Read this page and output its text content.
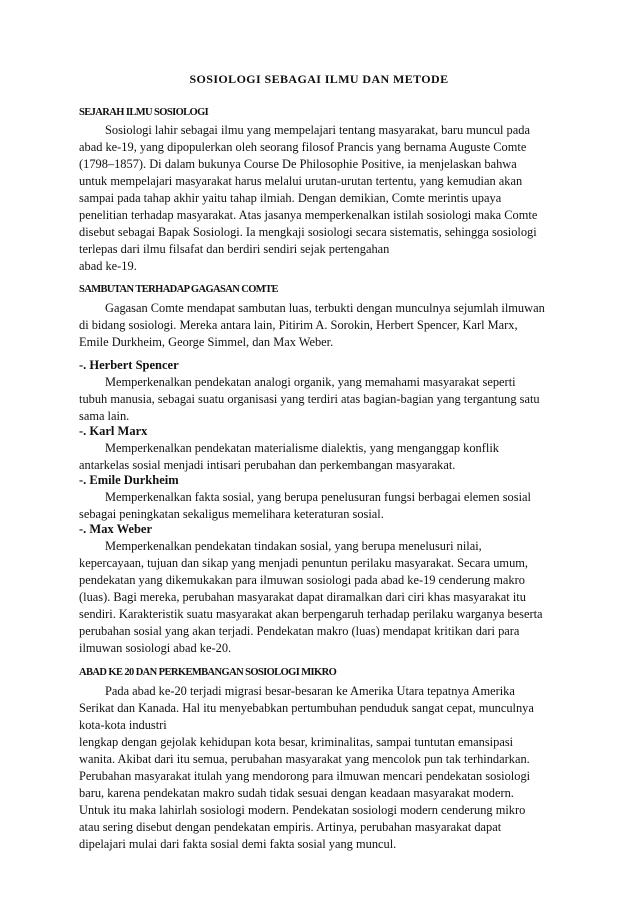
SOSIOLOGI SEBAGAI ILMU DAN METODE
SEJARAH ILMU SOSIOLOGI
Sosiologi lahir sebagai ilmu yang mempelajari tentang masyarakat, baru muncul pada
abad ke-19, yang dipopulerkan oleh seorang filosof Prancis yang bernama Auguste Comte
(1798–1857). Di dalam bukunya Course De Philosophie Positive, ia menjelaskan bahwa
untuk mempelajari masyarakat harus melalui urutan-urutan tertentu, yang kemudian akan
sampai pada tahap akhir yaitu tahap ilmiah. Dengan demikian, Comte merintis upaya
penelitian terhadap masyarakat. Atas jasanya memperkenalkan istilah sosiologi maka Comte
disebut sebagai Bapak Sosiologi. Ia mengkaji sosiologi secara sistematis, sehingga sosiologi
terlepas dari ilmu filsafat dan berdiri sendiri sejak pertengahan
abad ke-19.
SAMBUTAN TERHADAP GAGASAN COMTE
Gagasan Comte mendapat sambutan luas, terbukti dengan munculnya sejumlah ilmuwan
di bidang sosiologi. Mereka antara lain, Pitirim A. Sorokin, Herbert Spencer, Karl Marx,
Emile Durkheim, George Simmel, dan Max Weber.
-. Herbert Spencer
Memperkenalkan pendekatan analogi organik, yang memahami masyarakat seperti
tubuh manusia, sebagai suatu organisasi yang terdiri atas bagian-bagian yang tergantung satu
sama lain.
-. Karl Marx
Memperkenalkan pendekatan materialisme dialektis, yang menganggap konflik
antarkelas sosial menjadi intisari perubahan dan perkembangan masyarakat.
-. Emile Durkheim
Memperkenalkan fakta sosial, yang berupa penelusuran fungsi berbagai elemen sosial
sebagai peningkatan sekaligus memelihara keteraturan sosial.
-. Max Weber
Memperkenalkan pendekatan tindakan sosial, yang berupa menelusuri nilai,
kepercayaan, tujuan dan sikap yang menjadi penuntun perilaku masyarakat. Secara umum,
pendekatan yang dikemukakan para ilmuwan sosiologi pada abad ke-19 cenderung makro
(luas). Bagi mereka, perubahan masyarakat dapat diramalkan dari ciri khas masyarakat itu
sendiri. Karakteristik suatu masyarakat akan berpengaruh terhadap perilaku warganya beserta
perubahan sosial yang akan terjadi. Pendekatan makro (luas) mendapat kritikan dari para
ilmuwan sosiologi abad ke-20.
ABAD KE 20 DAN PERKEMBANGAN SOSIOLOGI MIKRO
Pada abad ke-20 terjadi migrasi besar-besaran ke Amerika Utara tepatnya Amerika
Serikat dan Kanada. Hal itu menyebabkan pertumbuhan penduduk sangat cepat, munculnya
kota-kota industri
lengkap dengan gejolak kehidupan kota besar, kriminalitas, sampai tuntutan emansipasi
wanita. Akibat dari itu semua, perubahan masyarakat yang mencolok pun tak terhindarkan.
Perubahan masyarakat itulah yang mendorong para ilmuwan mencari pendekatan sosiologi
baru, karena pendekatan makro sudah tidak sesuai dengan keadaan masyarakat modern.
Untuk itu maka lahirlah sosiologi modern. Pendekatan sosiologi modern cenderung mikro
atau sering disebut dengan pendekatan empiris. Artinya, perubahan masyarakat dapat
dipelajari mulai dari fakta sosial demi fakta sosial yang muncul.
